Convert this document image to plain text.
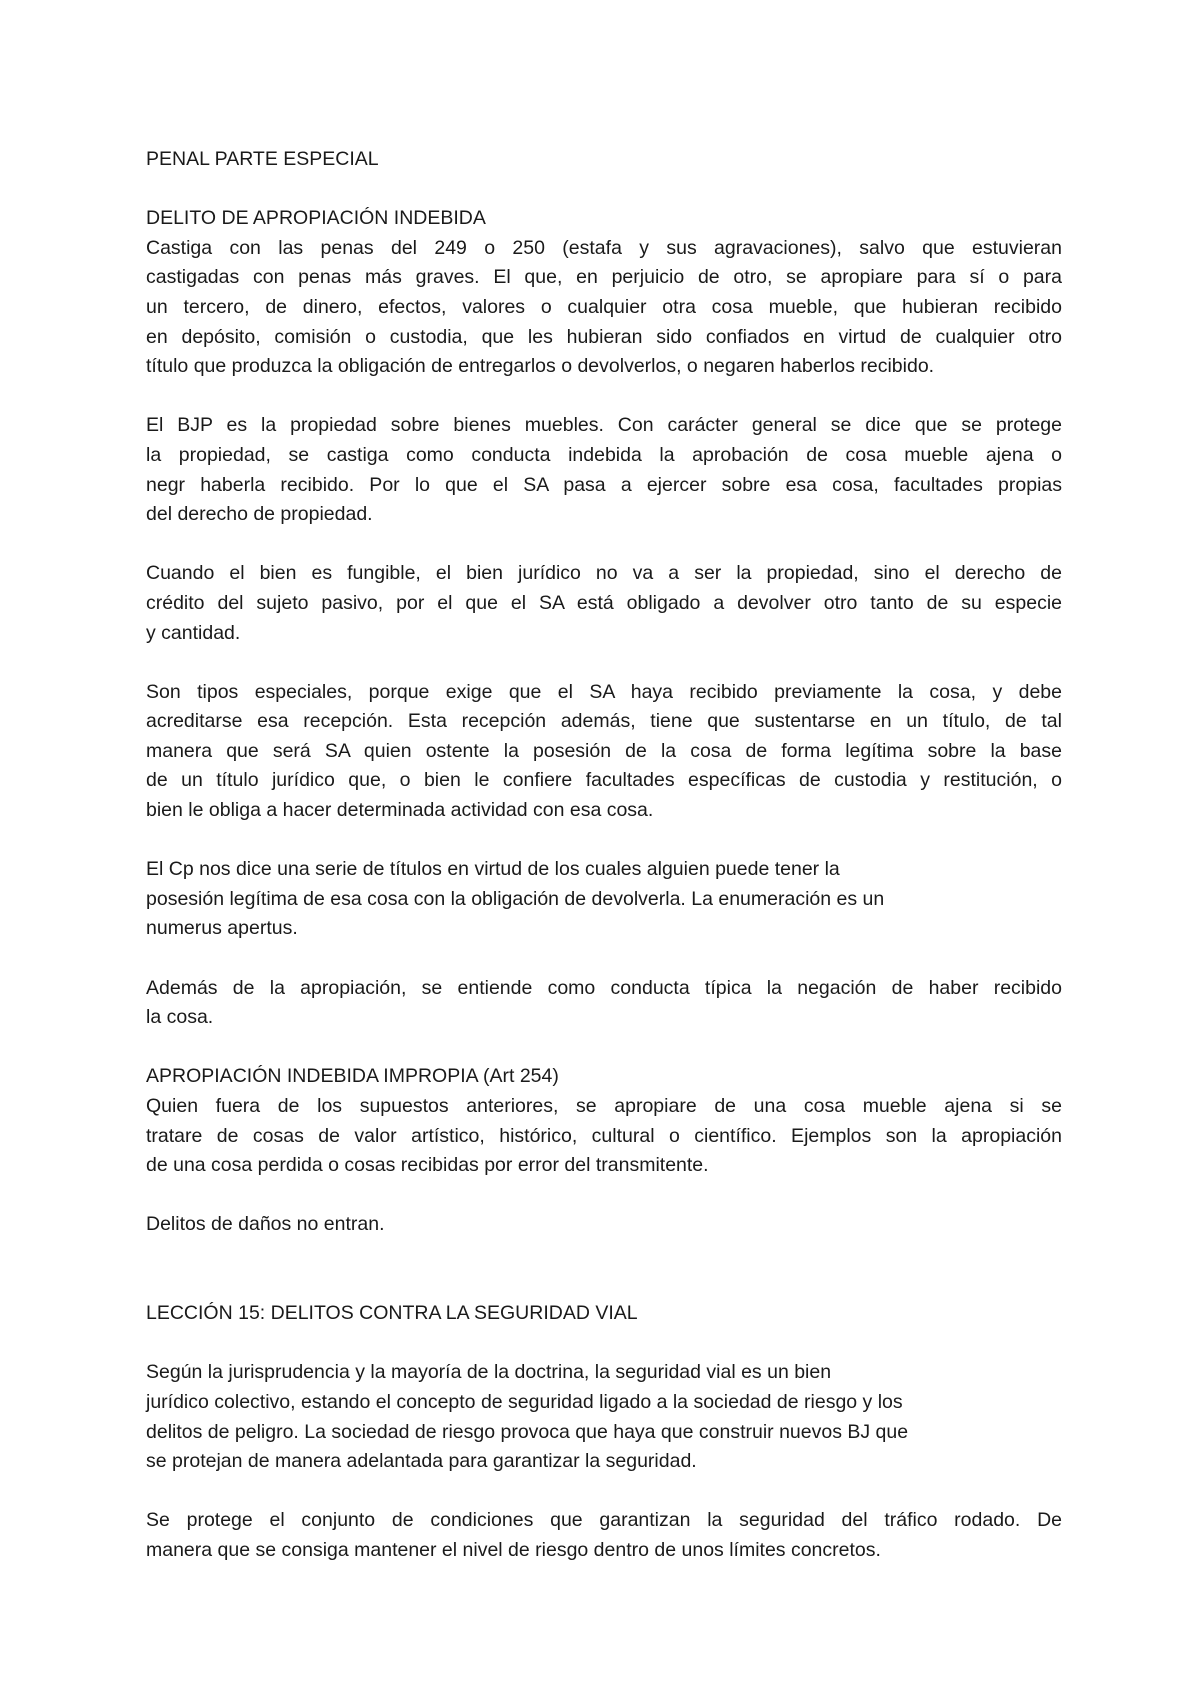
PENAL PARTE ESPECIAL
DELITO DE APROPIACIÓN INDEBIDA
Castiga con las penas del 249 o 250 (estafa y sus agravaciones), salvo que estuvieran
castigadas con penas más graves. El que, en perjuicio de otro, se apropiare para sí o para
un tercero, de dinero, efectos, valores o cualquier otra cosa mueble, que hubieran recibido
en depósito, comisión o custodia, que les hubieran sido confiados en virtud de cualquier otro
título que produzca la obligación de entregarlos o devolverlos, o negaren haberlos recibido.
El BJP es la propiedad sobre bienes muebles. Con carácter general se dice que se protege
la propiedad, se castiga como conducta indebida la aprobación de cosa mueble ajena o
negr haberla recibido. Por lo que el SA pasa a ejercer sobre esa cosa, facultades propias
del derecho de propiedad.
Cuando el bien es fungible, el bien jurídico no va a ser la propiedad, sino el derecho de
crédito del sujeto pasivo, por el que el SA está obligado a devolver otro tanto de su especie
y cantidad.
Son tipos especiales, porque exige que el SA haya recibido previamente la cosa, y debe
acreditarse esa recepción. Esta recepción además, tiene que sustentarse en un título, de tal
manera que será SA quien ostente la posesión de la cosa de forma legítima sobre la base
de un título jurídico que, o bien le confiere facultades específicas de custodia y restitución, o
bien le obliga a hacer determinada actividad con esa cosa.
El Cp nos dice una serie de títulos en virtud de los cuales alguien puede tener la
posesión legítima de esa cosa con la obligación de devolverla. La enumeración es un
numerus apertus.
Además de la apropiación, se entiende como conducta típica la negación de haber recibido
la cosa.
APROPIACIÓN INDEBIDA IMPROPIA (Art 254)
Quien fuera de los supuestos anteriores, se apropiare de una cosa mueble ajena si se
tratare de cosas de valor artístico, histórico, cultural o científico. Ejemplos son la apropiación
de una cosa perdida o cosas recibidas por error del transmitente.
Delitos de daños no entran.
LECCIÓN 15: DELITOS CONTRA LA SEGURIDAD VIAL
Según la jurisprudencia y la mayoría de la doctrina, la seguridad vial es un bien
jurídico colectivo, estando el concepto de seguridad ligado a la sociedad de riesgo y los
delitos de peligro. La sociedad de riesgo provoca que haya que construir nuevos BJ que
se protejan de manera adelantada para garantizar la seguridad.
Se protege el conjunto de condiciones que garantizan la seguridad del tráfico rodado. De
manera que se consiga mantener el nivel de riesgo dentro de unos límites concretos.
